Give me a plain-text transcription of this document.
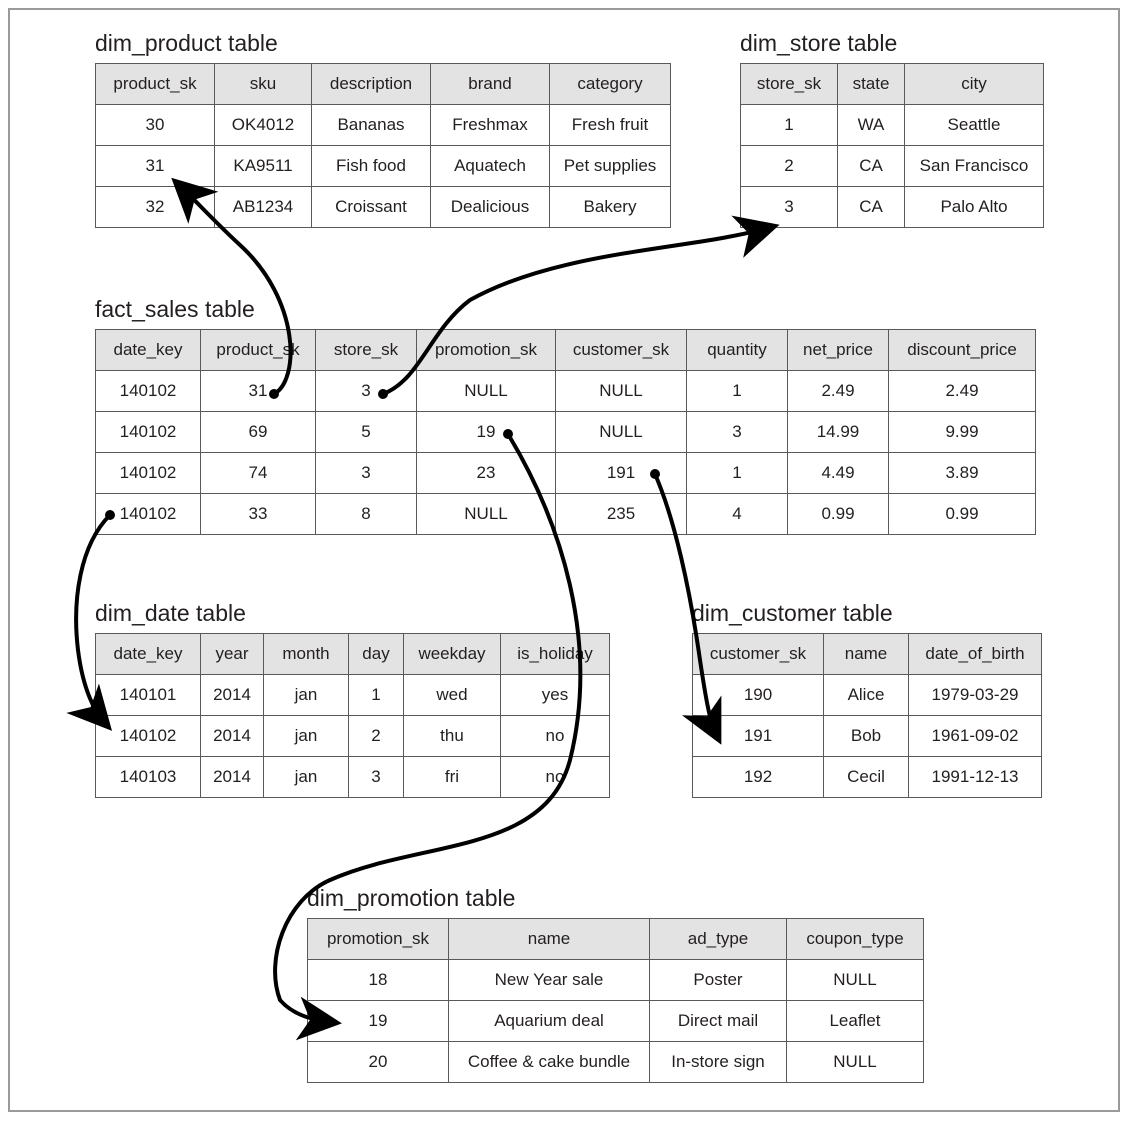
dim_product table
product_sk	sku	description	brand	category
30	OK4012	Bananas	Freshmax	Fresh fruit
31	KA9511	Fish food	Aquatech	Pet supplies
32	AB1234	Croissant	Dealicious	Bakery
dim_store table
store_sk	state	city
1	WA	Seattle
2	CA	San Francisco
3	CA	Palo Alto
fact_sales table
date_key	product_sk	store_sk	promotion_sk	customer_sk	quantity	net_price	discount_price
140102	31	3	NULL	NULL	1	2.49	2.49
140102	69	5	19	NULL	3	14.99	9.99
140102	74	3	23	191	1	4.49	3.89
140102	33	8	NULL	235	4	0.99	0.99
dim_date table
date_key	year	month	day	weekday	is_holiday
140101	2014	jan	1	wed	yes
140102	2014	jan	2	thu	no
140103	2014	jan	3	fri	no
dim_customer table
customer_sk	name	date_of_birth
190	Alice	1979-03-29
191	Bob	1961-09-02
192	Cecil	1991-12-13
dim_promotion table
promotion_sk	name	ad_type	coupon_type
18	New Year sale	Poster	NULL
19	Aquarium deal	Direct mail	Leaflet
20	Coffee & cake bundle	In-store sign	NULL
